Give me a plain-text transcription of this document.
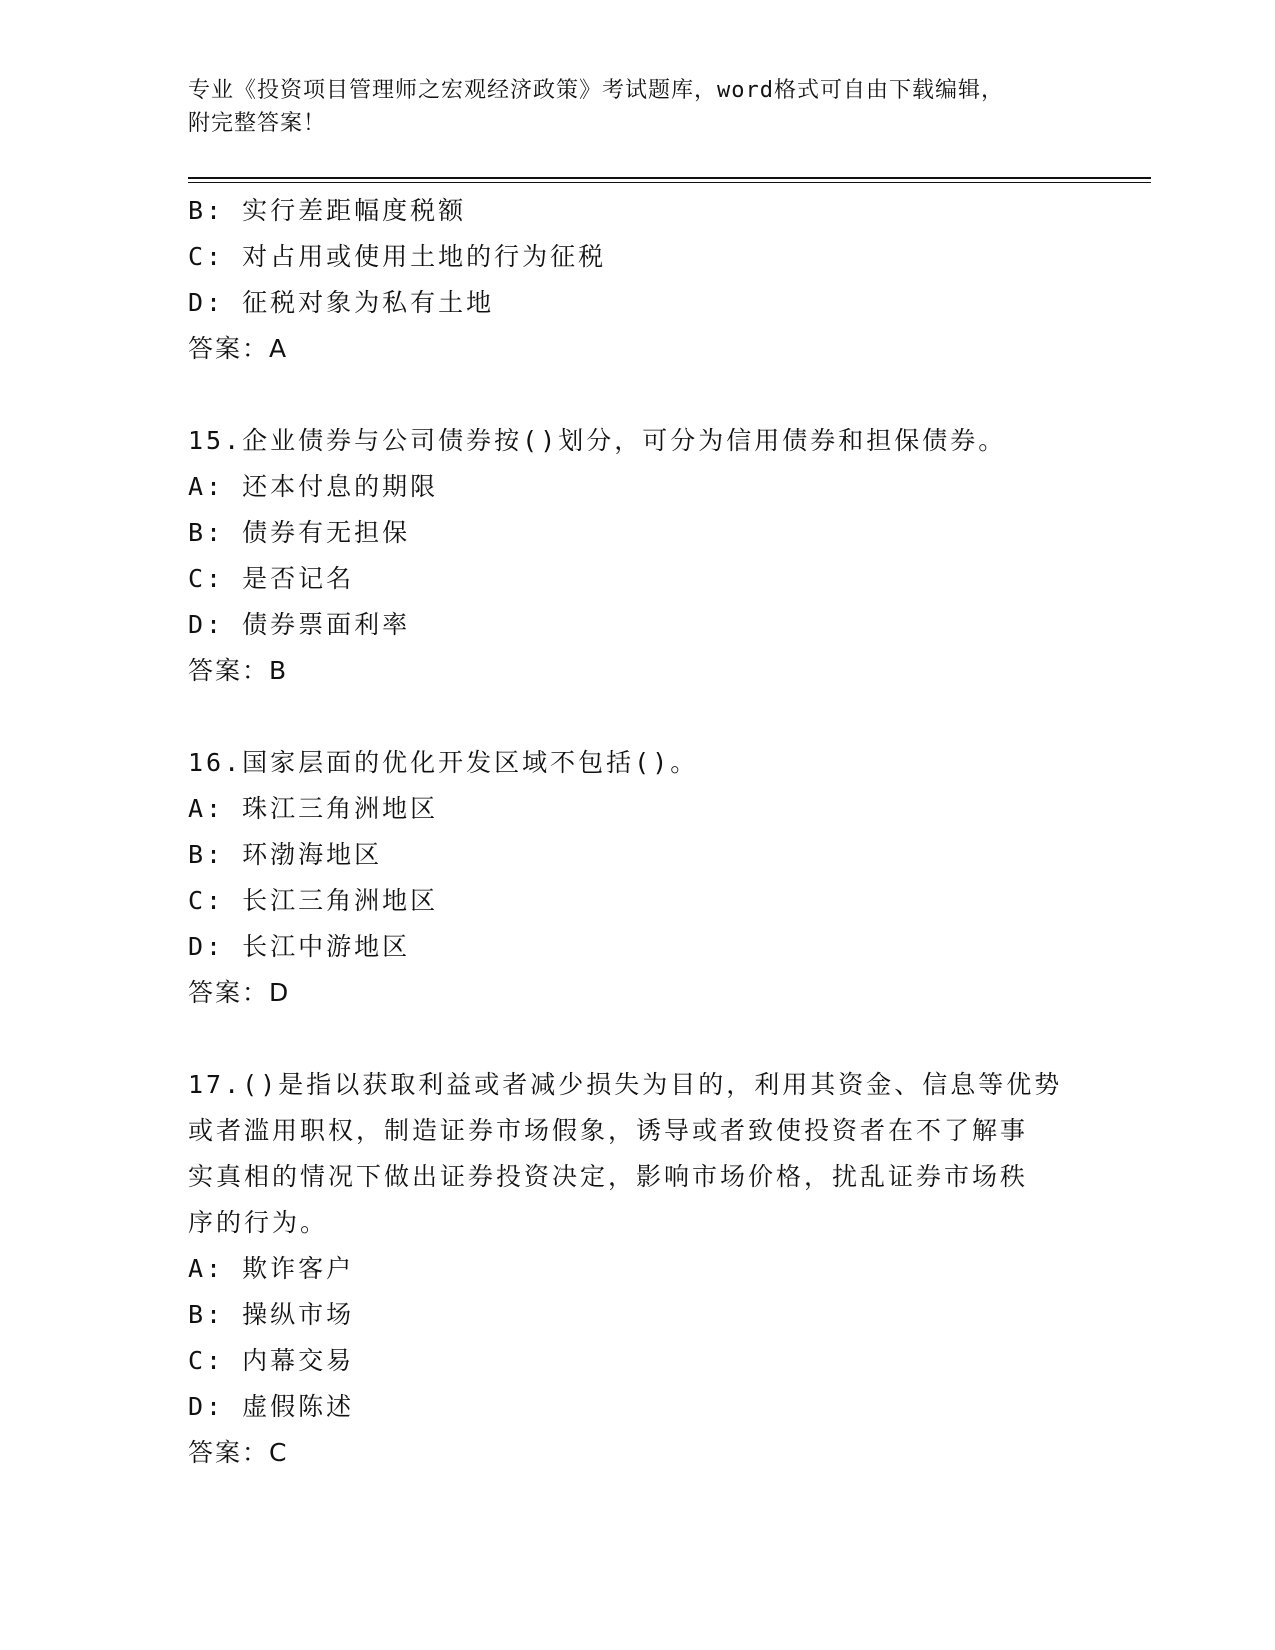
专业《投资项目管理师之宏观经济政策》考试题库，word格式可自由下载编辑，
附完整答案！
B: 实行差距幅度税额
C: 对占用或使用土地的行为征税
D: 征税对象为私有土地
答案：A
15.企业债券与公司债券按()划分，可分为信用债券和担保债券。
A: 还本付息的期限
B: 债券有无担保
C: 是否记名
D: 债券票面利率
答案：B
16.国家层面的优化开发区域不包括()。
A: 珠江三角洲地区
B: 环渤海地区
C: 长江三角洲地区
D: 长江中游地区
答案：D
17.()是指以获取利益或者减少损失为目的，利用其资金、信息等优势
或者滥用职权，制造证券市场假象，诱导或者致使投资者在不了解事
实真相的情况下做出证券投资决定，影响市场价格，扰乱证券市场秩
序的行为。
A: 欺诈客户
B: 操纵市场
C: 内幕交易
D: 虚假陈述
答案：C
